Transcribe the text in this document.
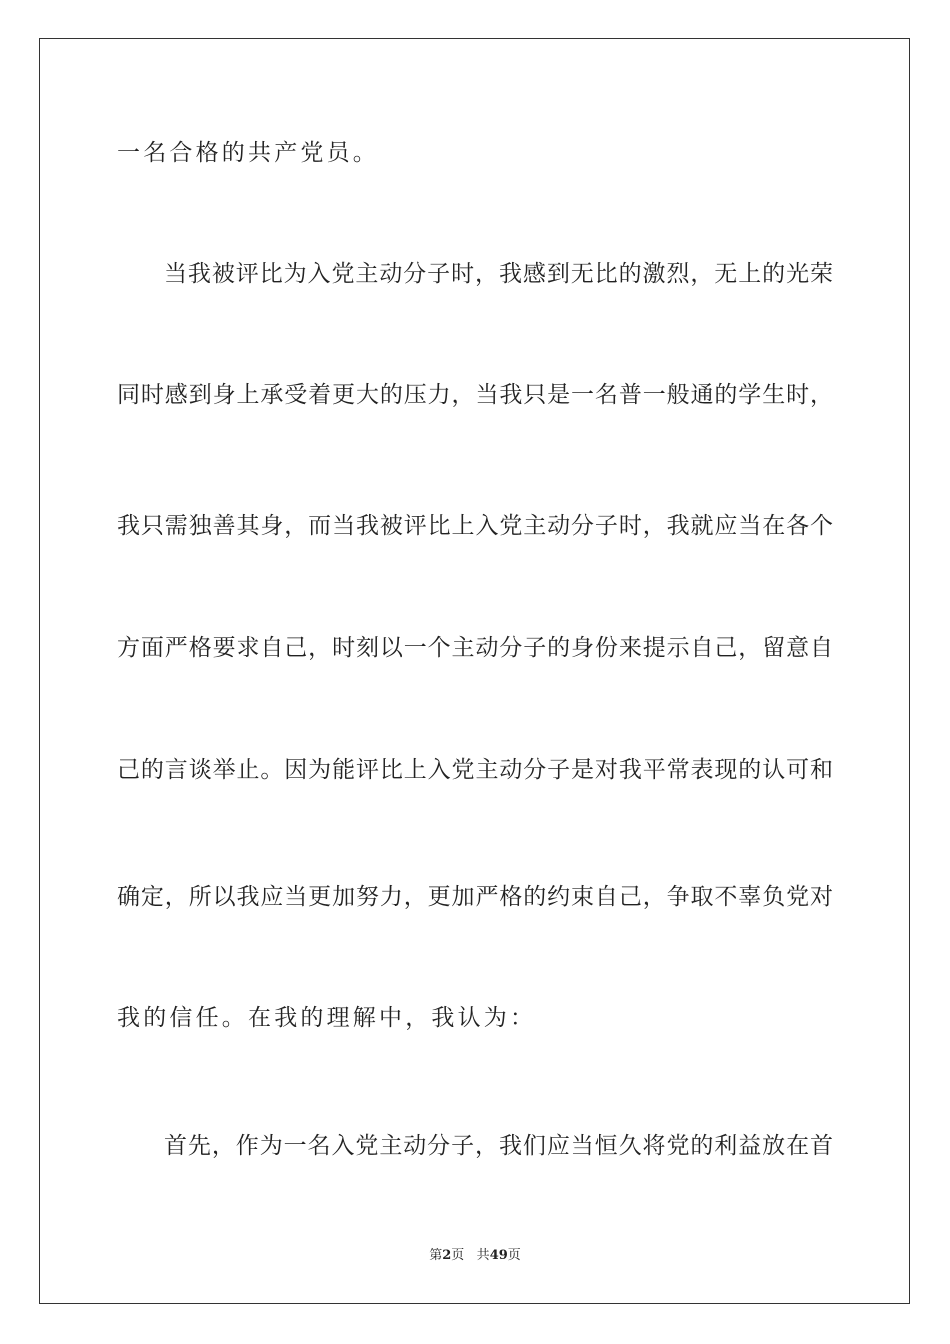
一名合格的共产党员。
当我被评比为入党主动分子时，我感到无比的激烈，无上的光荣
同时感到身上承受着更大的压力，当我只是一名普一般通的学生时，
我只需独善其身，而当我被评比上入党主动分子时，我就应当在各个
方面严格要求自己，时刻以一个主动分子的身份来提示自己，留意自
己的言谈举止。因为能评比上入党主动分子是对我平常表现的认可和
确定，所以我应当更加努力，更加严格的约束自己，争取不辜负党对
我的信任。在我的理解中，我认为：
首先，作为一名入党主动分子，我们应当恒久将党的利益放在首
第2页 共49页
